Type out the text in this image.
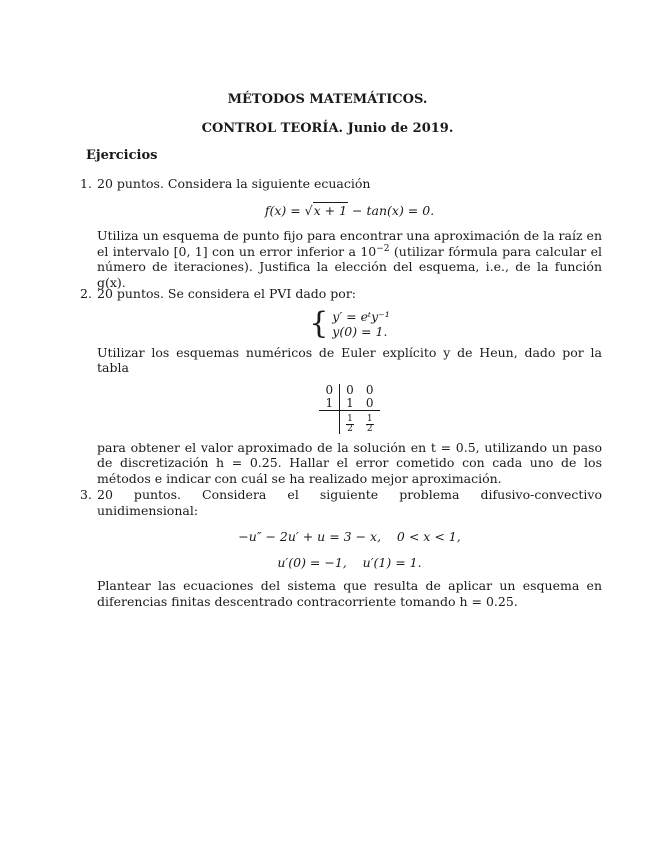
MÉTODOS MATEMÁTICOS.
CONTROL TEORÍA. Junio de 2019.
Ejercicios
1. 20 puntos. Considera la siguiente ecuación

f(x) = √x + 1 − tan(x) = 0.

Utiliza un esquema de punto fijo para encontrar una aproximación de la raíz en el intervalo [0, 1] con un error inferior a $10^{-2}$ (utilizar fórmula para calcular el número de iteraciones). Justifica la elección del esquema, i.e., de la función g(x).

2. 20 puntos. Se considera el PVI dado por:

{ y′ = eᵗy⁻¹
y(0) = 1.

Utilizar los esquemas numéricos de Euler explícito y de Heun, dado por la tabla

0	0	0
1	1	0

	$\frac{1}{2}$	$\frac{1}{2}$

para obtener el valor aproximado de la solución en t = 0.5, utilizando un paso de discretización h = 0.25. Hallar el error cometido con cada uno de los métodos e indicar con cuál se ha realizado mejor aproximación.

3. 20 puntos. Considera el siguiente problema difusivo-convectivo unidimensional:

−u″ − 2u′ + u = 3 − x,    0 < x < 1,
u′(0) = −1,    u′(1) = 1.

Plantear las ecuaciones del sistema que resulta de aplicar un esquema en diferencias finitas descentrado contracorriente tomando h = 0.25.
